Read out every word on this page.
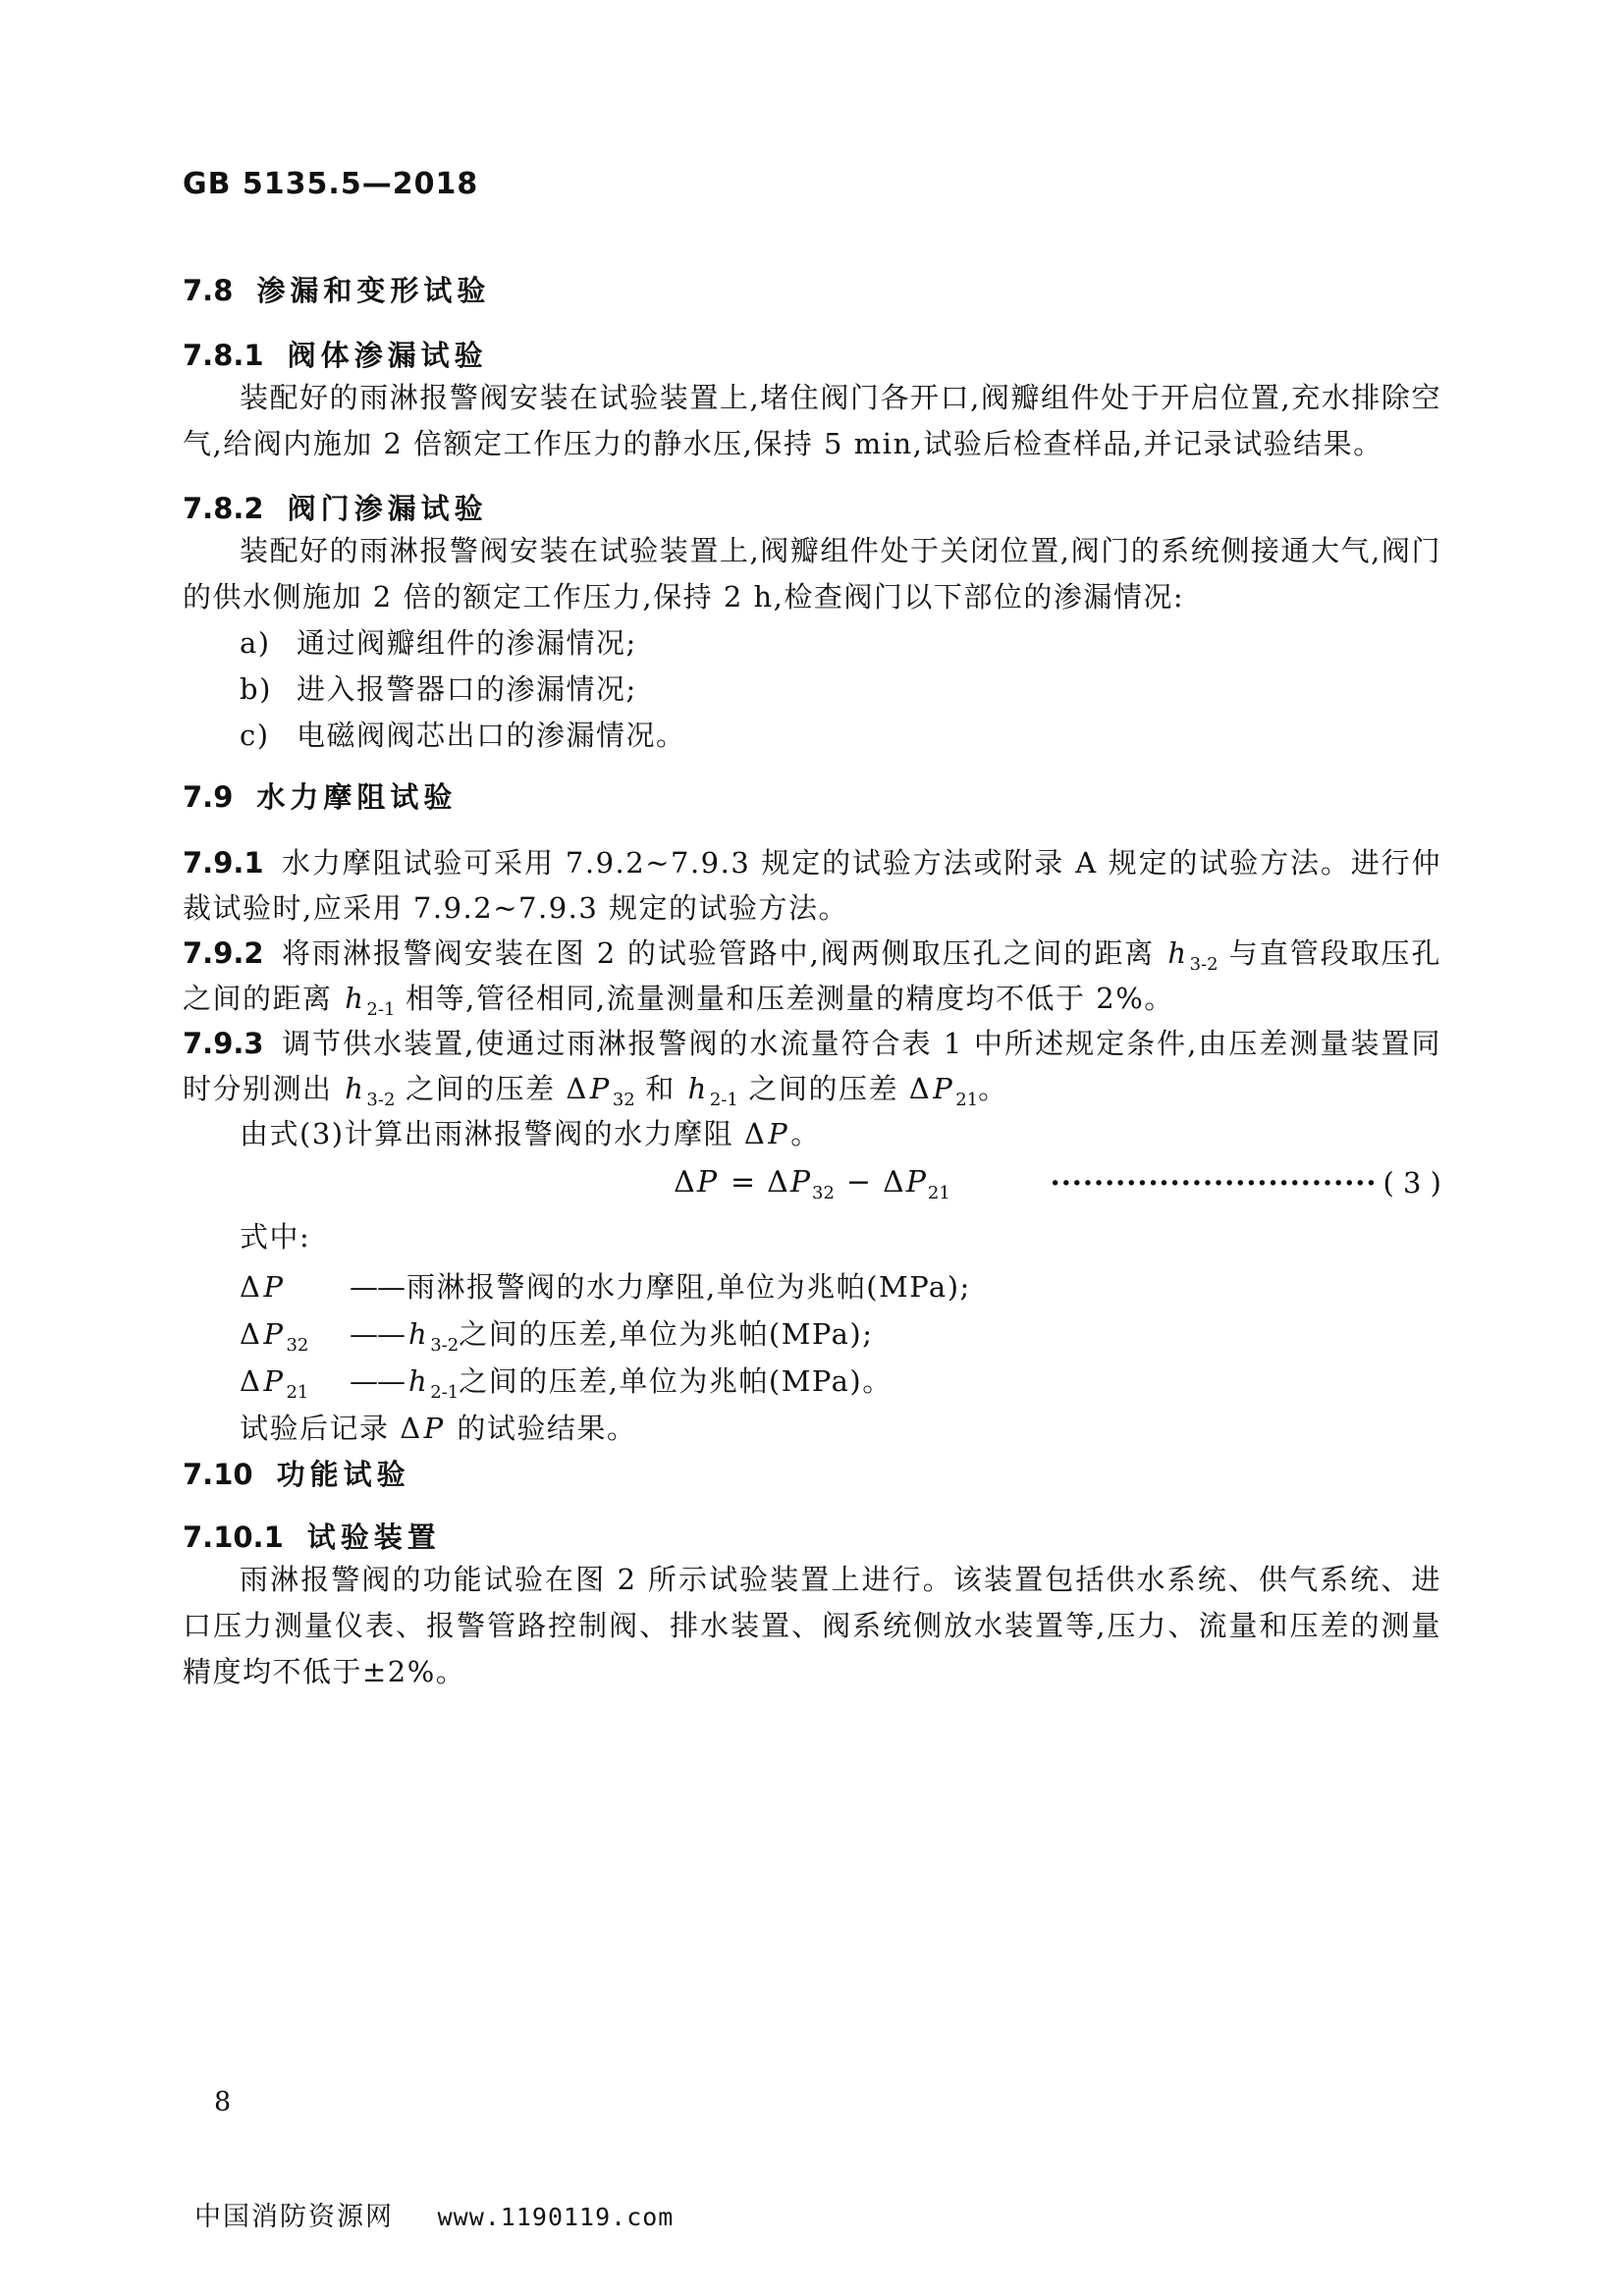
GB 5135.5—2018
7.8 渗漏和变形试验
7.8.1 阀体渗漏试验

装配好的雨淋报警阀安装在试验装置上,堵住阀门各开口,阀瓣组件处于开启位置,充水排除空气,给阀内施加 2 倍额定工作压力的静水压,保持 5 min,试验后检查样品,并记录试验结果。

7.8.2 阀门渗漏试验

装配好的雨淋报警阀安装在试验装置上,阀瓣组件处于关闭位置,阀门的系统侧接通大气,阀门的供水侧施加 2 倍的额定工作压力,保持 2 h,检查阀门以下部位的渗漏情况:

a) 通过阀瓣组件的渗漏情况;
b) 进入报警器口的渗漏情况;
c) 电磁阀阀芯出口的渗漏情况。
7.9 水力摩阻试验

7.9.1 水力摩阻试验可采用 7.9.2~7.9.3 规定的试验方法或附录 A 规定的试验方法。进行仲裁试验时,应采用 7.9.2~7.9.3 规定的试验方法。

7.9.2 将雨淋报警阀安装在图 2 的试验管路中,阀两侧取压孔之间的距离 h $_{3-2}$ 与直管段取压孔之间的距离 h $_{2-1}$ 相等,管径相同,流量测量和压差测量的精度均不低于 2%。

7.9.3 调节供水装置,使通过雨淋报警阀的水流量符合表 1 中所述规定条件,由压差测量装置同时分别测出 h $_{3-2}$ 之间的压差 ΔP $_{32}$ 和 h $_{2-1}$ 之间的压差 ΔP $_{21}$。

由式(3)计算出雨淋报警阀的水力摩阻 ΔP。

ΔP = ΔP $_{32}$ − ΔP $_{21}$	······························ ( 3 )
式中:
ΔP	—— 雨淋报警阀的水力摩阻,单位为兆帕(MPa);
ΔP $_{32}$	—— h $_{3-2}$之间的压差,单位为兆帕(MPa);
ΔP $_{21}$	—— h $_{2-1}$之间的压差,单位为兆帕(MPa)。
试验后记录 ΔP 的试验结果。
7.10 功能试验
7.10.1 试验装置

雨淋报警阀的功能试验在图 2 所示试验装置上进行。该装置包括供水系统、供气系统、进口压力测量仪表、报警管路控制阀、排水装置、阀系统侧放水装置等,压力、流量和压差的测量精度均不低于±2%。

8
中国消防资源网 www.1190119.com
